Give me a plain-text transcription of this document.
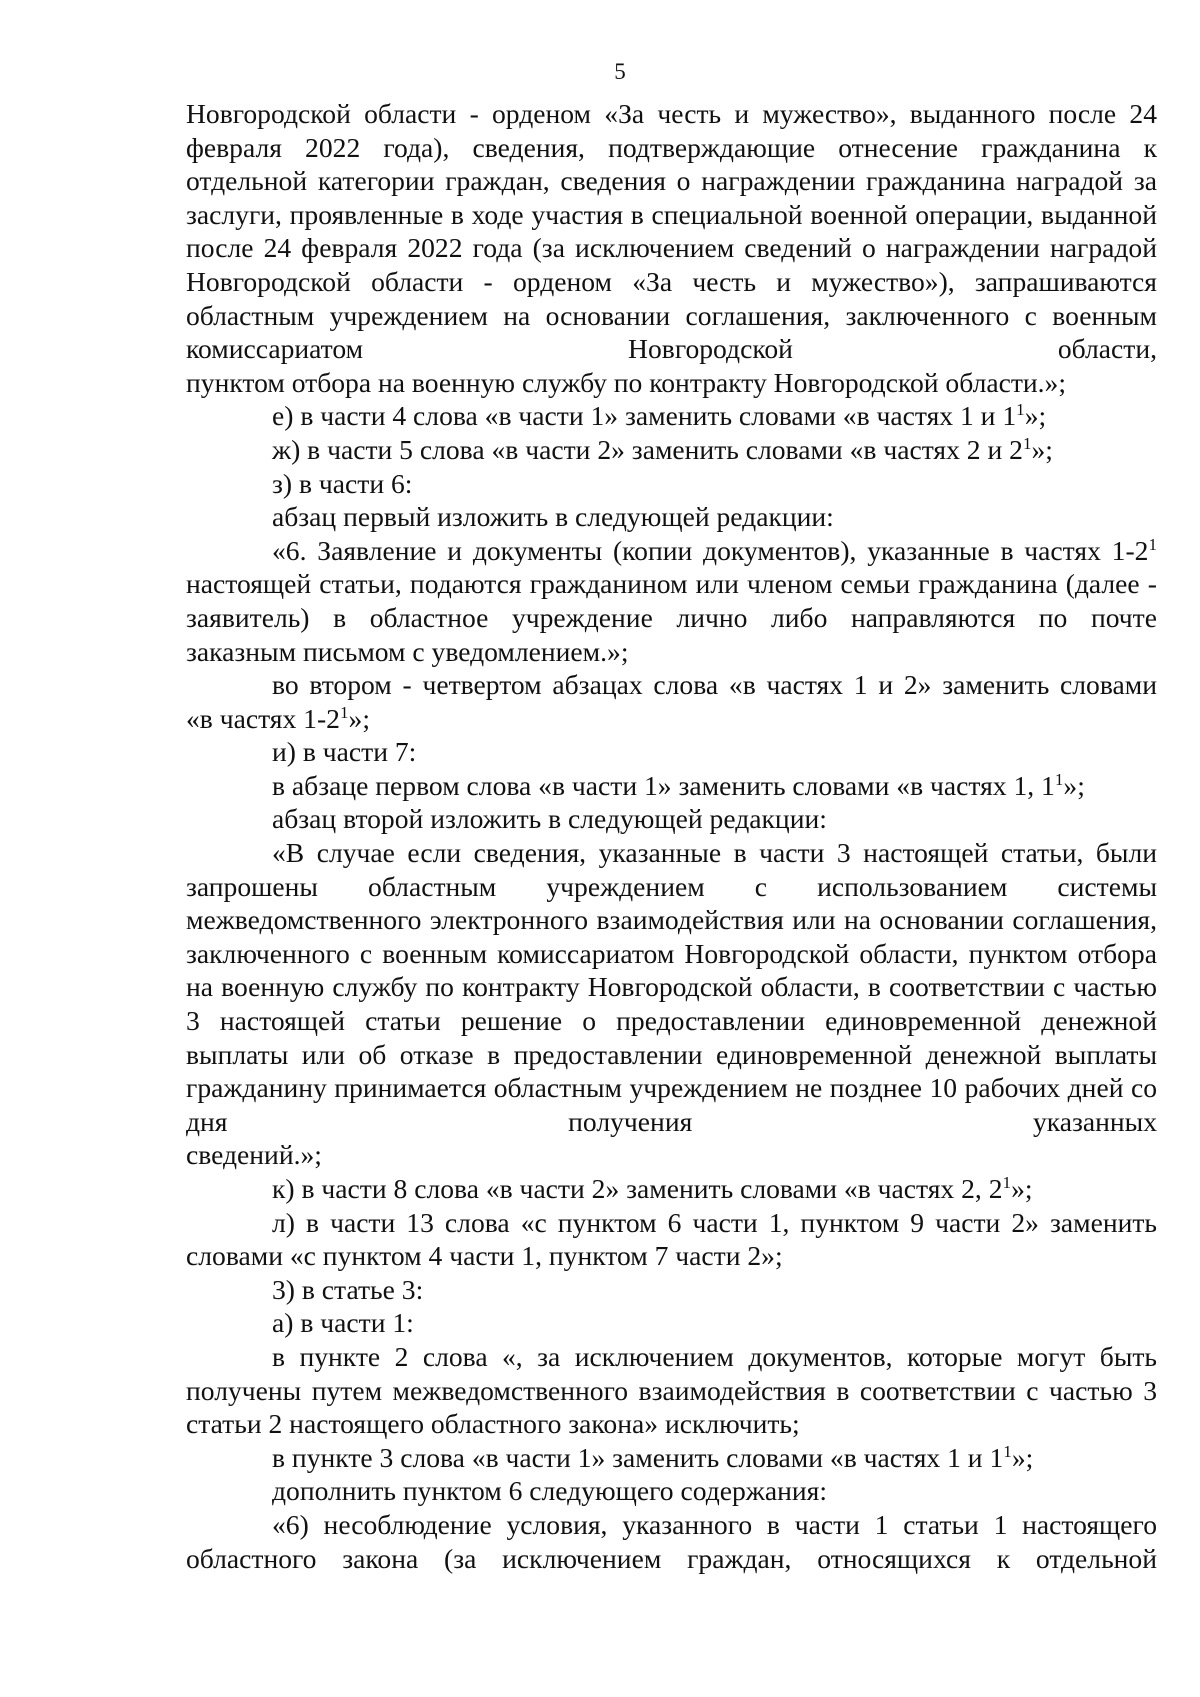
5

Новгородской области - орденом «За честь и мужество», выданного после 24 февраля 2022 года), сведения, подтверждающие отнесение гражданина к отдельной категории граждан, сведения о награждении гражданина наградой за заслуги, проявленные в ходе участия в специальной военной операции, выданной после 24 февраля 2022 года (за исключением сведений о награждении наградой Новгородской области - орденом «За честь и мужество»), запрашиваются областным учреждением на основании соглашения, заключенного с военным комиссариатом Новгородской области,

пунктом отбора на военную службу по контракту Новгородской области.»;

е) в части 4 слова «в части 1» заменить словами «в частях 1 и $1^1$»;

ж) в части 5 слова «в части 2» заменить словами «в частях 2 и $2^1$»;

з) в части 6:

абзац первый изложить в следующей редакции:

«6. Заявление и документы (копии документов), указанные в частях $1-2^1$ настоящей статьи, подаются гражданином или членом семьи гражданина (далее - заявитель) в областное учреждение лично либо направляются по почте

заказным письмом с уведомлением.»;

во втором - четвертом абзацах слова «в частях 1 и 2» заменить словами

«в частях $1-2^1$»;

и) в части 7:

в абзаце первом слова «в части 1» заменить словами «в частях 1, $1^1$»;

абзац второй изложить в следующей редакции:

«В случае если сведения, указанные в части 3 настоящей статьи, были запрошены областным учреждением с использованием системы межведомственного электронного взаимодействия или на основании соглашения, заключенного с военным комиссариатом Новгородской области, пунктом отбора на военную службу по контракту Новгородской области, в соответствии с частью 3 настоящей статьи решение о предоставлении единовременной денежной выплаты или об отказе в предоставлении единовременной денежной выплаты гражданину принимается областным учреждением не позднее 10 рабочих дней со дня получения указанных

сведений.»;

к) в части 8 слова «в части 2» заменить словами «в частях 2, $2^1$»;

л) в части 13 слова «с пунктом 6 части 1, пунктом 9 части 2» заменить

словами «с пунктом 4 части 1, пунктом 7 части 2»;

3) в статье 3:

а) в части 1:

в пункте 2 слова «, за исключением документов, которые могут быть получены путем межведомственного взаимодействия в соответствии с частью 3

статьи 2 настоящего областного закона» исключить;

в пункте 3 слова «в части 1» заменить словами «в частях 1 и $1^1$»;

дополнить пунктом 6 следующего содержания:

«6) несоблюдение условия, указанного в части 1 статьи 1 настоящего областного закона (за исключением граждан, относящихся к отдельной
